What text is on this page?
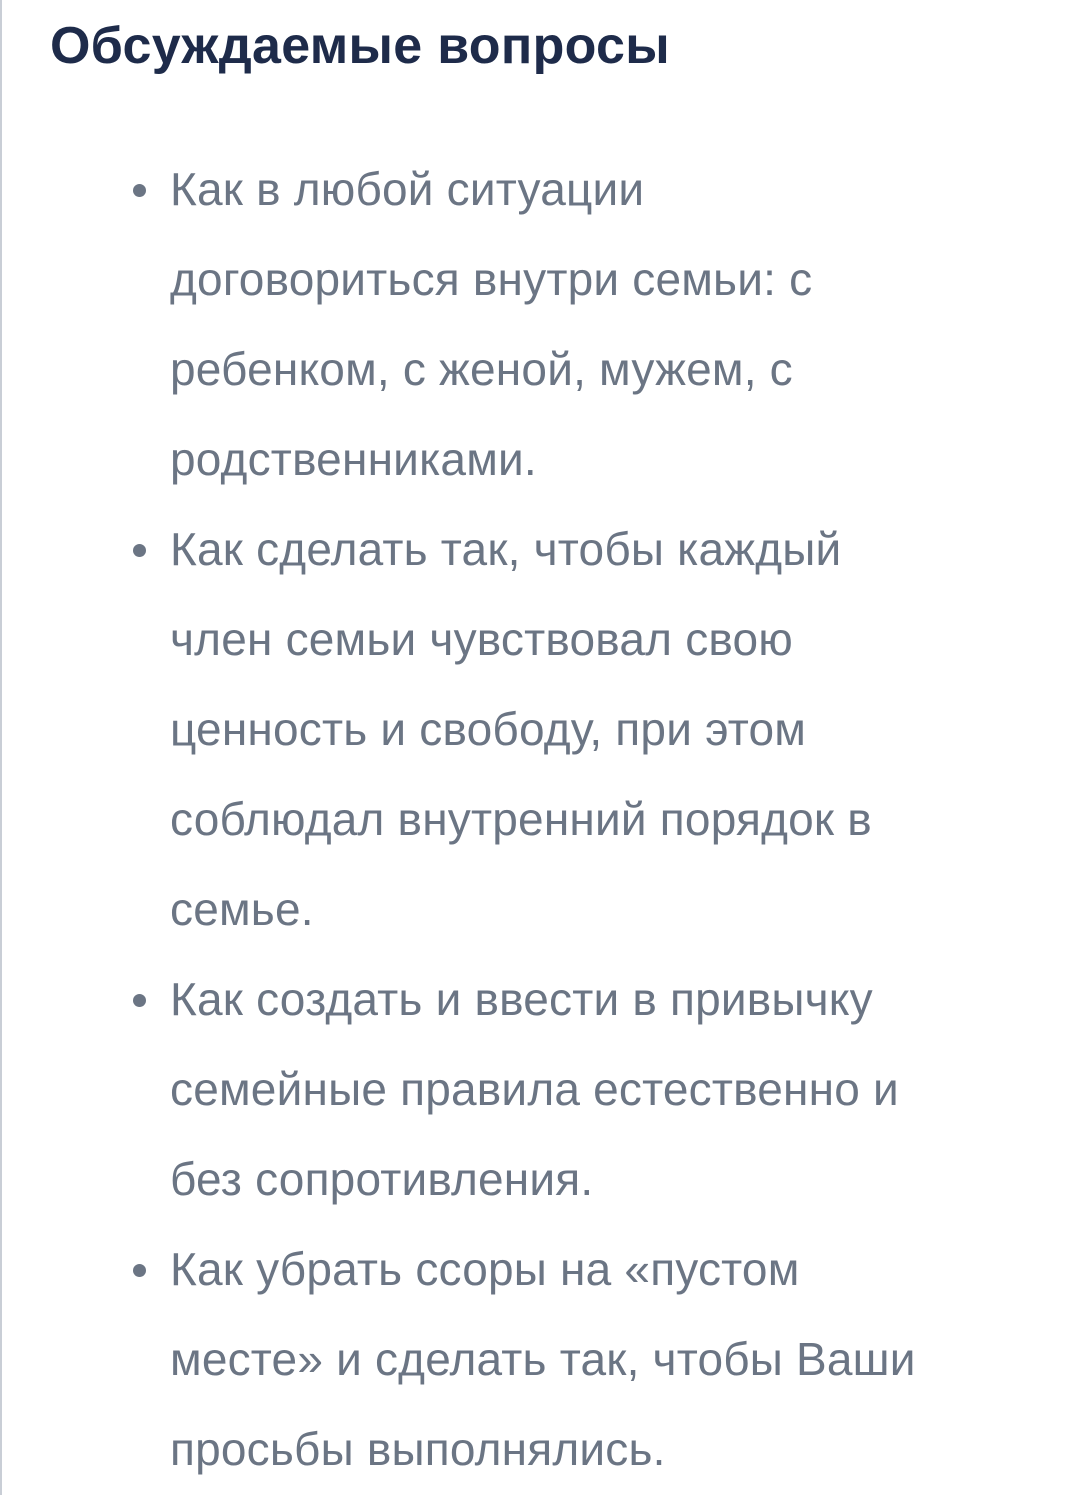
Обсуждаемые вопросы
Как в любой ситуации
договориться внутри семьи: с
ребенком, с женой, мужем, с
родственниками.
Как сделать так, чтобы каждый
член семьи чувствовал свою
ценность и свободу, при этом
соблюдал внутренний порядок в
семье.
Как создать и ввести в привычку
семейные правила естественно и
без сопротивления.
Как убрать ссоры на «пустом
месте» и сделать так, чтобы Ваши
просьбы выполнялись.
